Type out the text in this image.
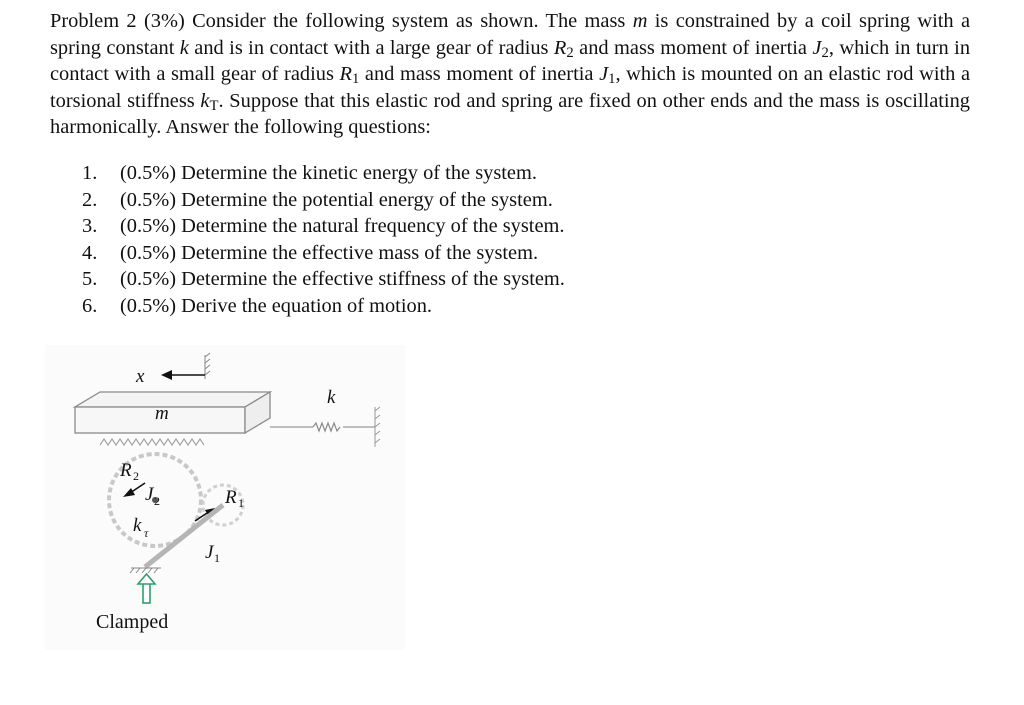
Problem 2 (3%) Consider the following system as shown. The mass m is constrained by a coil spring with a spring constant k and is in contact with a large gear of radius $R_2$ and mass moment of inertia $J_2$, which in turn in contact with a small gear of radius $R_1$ and mass moment of inertia $J_1$, which is mounted on an elastic rod with a torsional stiffness $k_T$. Suppose that this elastic rod and spring are fixed on other ends and the mass is oscillating harmonically. Answer the following questions:
1.	(0.5%) Determine the kinetic energy of the system.
2.	(0.5%) Determine the potential energy of the system.
3.	(0.5%) Determine the natural frequency of the system.
4.	(0.5%) Determine the effective mass of the system.
5.	(0.5%) Determine the effective stiffness of the system.
6.	(0.5%) Derive the equation of motion.
x
m
k
R 2
J 2	R 1
k τ
J 1
Clamped
